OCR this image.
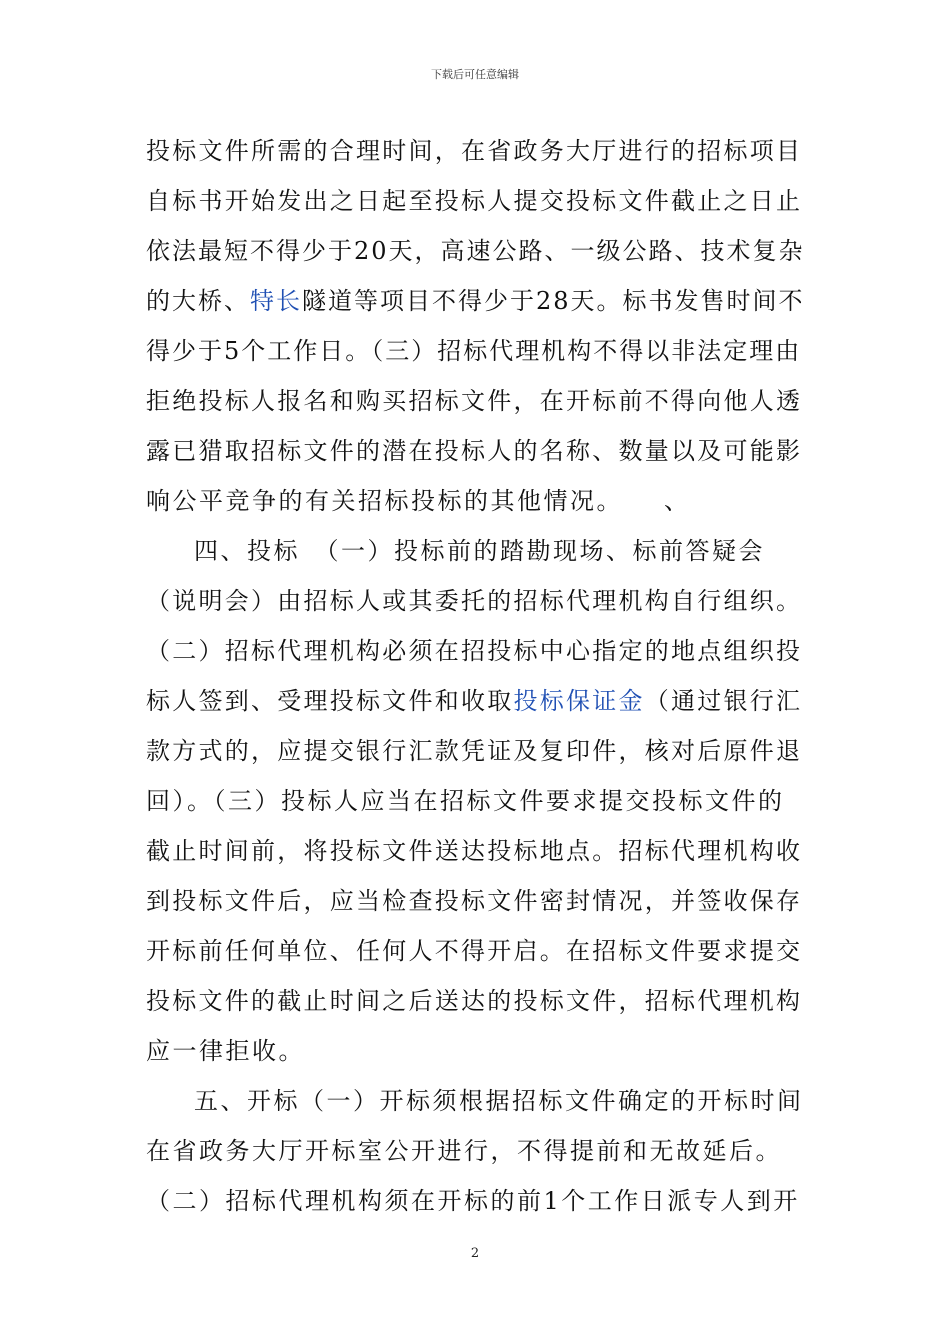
下载后可任意编辑
投标文件所需的合理时间，在省政务大厅进行的招标项目
自标书开始发出之日起至投标人提交投标文件截止之日止
依法最短不得少于20天，高速公路、一级公路、技术复杂
的大桥、特长隧道等项目不得少于28天。标书发售时间不
得少于5个工作日。（三）招标代理机构不得以非法定理由
拒绝投标人报名和购买招标文件，在开标前不得向他人透
露已猎取招标文件的潜在投标人的名称、数量以及可能影
响公平竞争的有关招标投标的其他情况。　　、
四、投标　（一）投标前的踏勘现场、标前答疑会
（说明会）由招标人或其委托的招标代理机构自行组织。
（二）招标代理机构必须在招投标中心指定的地点组织投
标人签到、受理投标文件和收取投标保证金（通过银行汇
款方式的，应提交银行汇款凭证及复印件，核对后原件退
回）。（三）投标人应当在招标文件要求提交投标文件的
截止时间前，将投标文件送达投标地点。招标代理机构收
到投标文件后，应当检查投标文件密封情况，并签收保存
开标前任何单位、任何人不得开启。在招标文件要求提交
投标文件的截止时间之后送达的投标文件，招标代理机构
应一律拒收。
五、开标（一）开标须根据招标文件确定的开标时间
在省政务大厅开标室公开进行，不得提前和无故延后。
（二）招标代理机构须在开标的前1个工作日派专人到开
2
